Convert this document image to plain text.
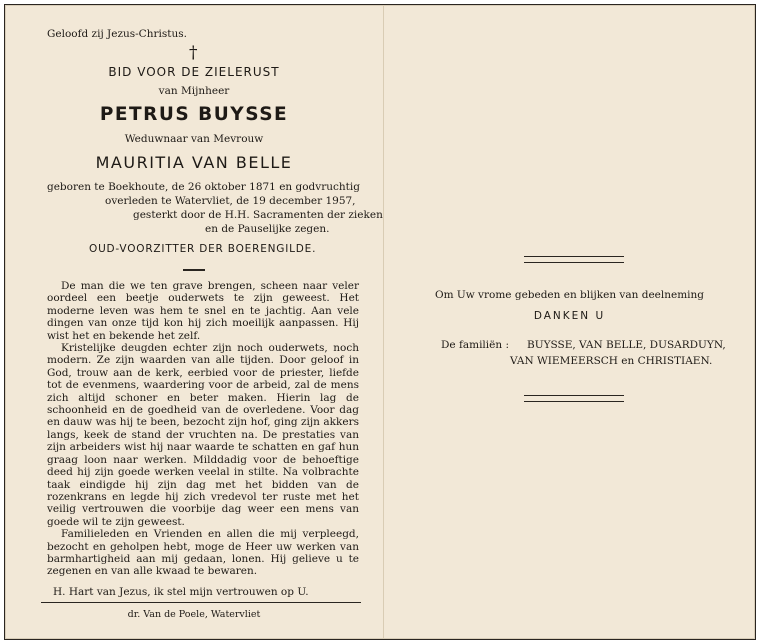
Geloofd zij Jezus-Christus.
†
BID VOOR DE ZIELERUST
van Mijnheer
PETRUS BUYSSE
Weduwnaar van Mevrouw
MAURITIA VAN BELLE
geboren te Boekhoute, de 26 oktober 1871 en godvruchtig
overleden te Watervliet, de 19 december 1957,
gesterkt door de H.H. Sacramenten der zieken
en de Pauselijke zegen.
OUD-VOORZITTER DER BOERENGILDE.

De man die we ten grave brengen, scheen naar veler oordeel een beetje ouderwets te zijn geweest. Het moderne leven was hem te snel en te jachtig. Aan vele dingen van onze tijd kon hij zich moeilijk aanpassen. Hij wist het en bekende het zelf.

Kristelijke deugden echter zijn noch ouderwets, noch modern. Ze zijn waarden van alle tijden. Door geloof in God, trouw aan de kerk, eerbied voor de priester, liefde tot de evenmens, waardering voor de arbeid, zal de mens zich altijd schoner en beter maken. Hierin lag de schoonheid en de goedheid van de overledene. Voor dag en dauw was hij te been, bezocht zijn hof, ging zijn akkers langs, keek de stand der vruchten na. De prestaties van zijn arbeiders wist hij naar waarde te schatten en gaf hun graag loon naar werken. Milddadig voor de behoeftige deed hij zijn goede werken veelal in stilte. Na volbrachte taak eindigde hij zijn dag met het bidden van de rozenkrans en legde hij zich vredevol ter ruste met het veilig vertrouwen die voorbije dag weer een mens van goede wil te zijn geweest.

Familieleden en Vrienden en allen die mij verpleegd, bezocht en geholpen hebt, moge de Heer uw werken van barmhartigheid aan mij gedaan, lonen. Hij gelieve u te zegenen en van alle kwaad te bewaren.

H. Hart van Jezus, ik stel mijn vertrouwen op U.
dr. Van de Poele, Watervliet
Om Uw vrome gebeden en blijken van deelneming
DANKEN U
De familiën : BUYSSE, VAN BELLE, DUSARDUYN,
VAN WIEMEERSCH en CHRISTIAEN.
